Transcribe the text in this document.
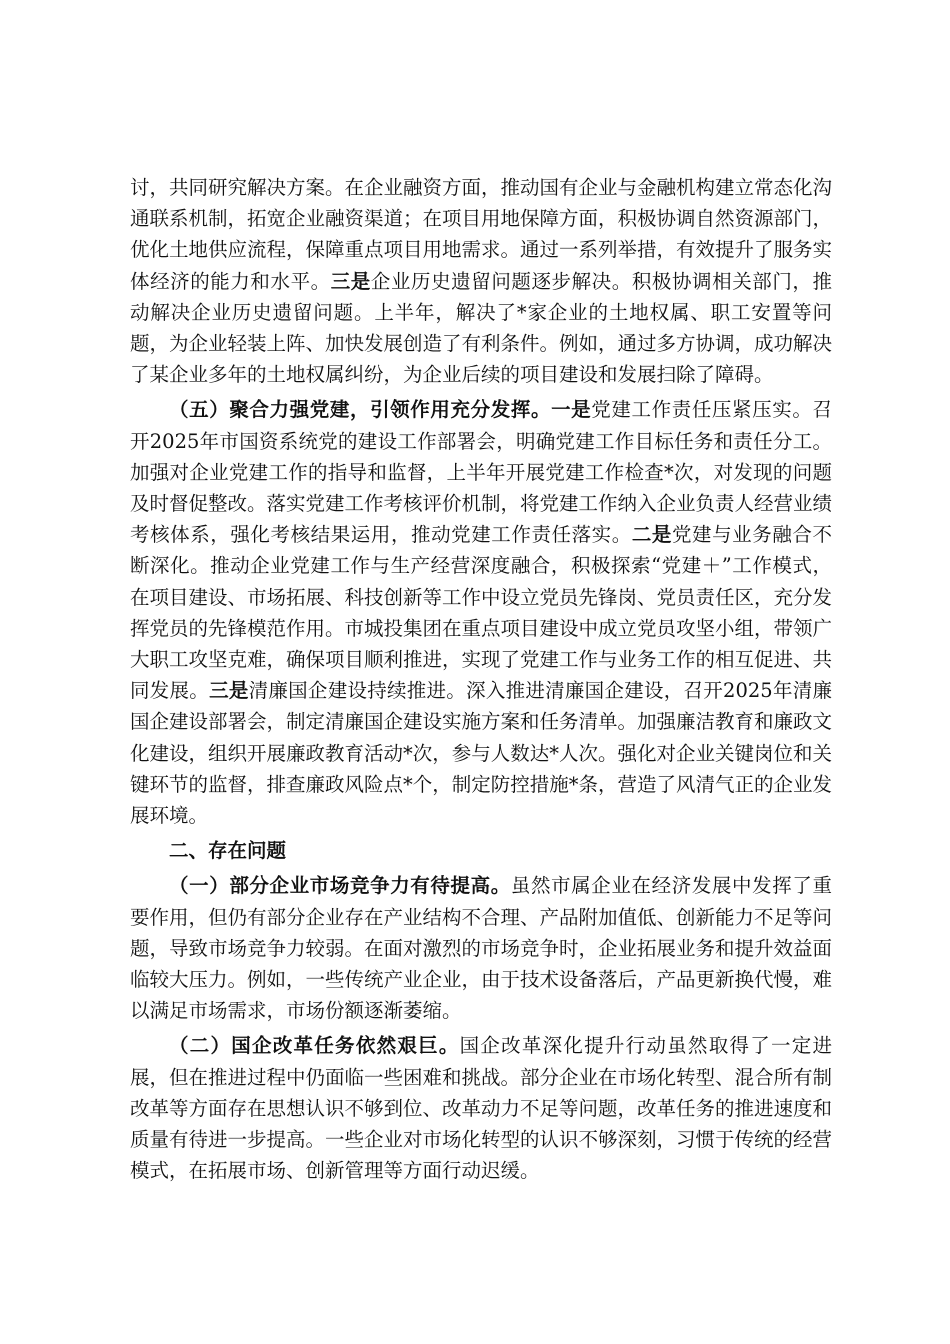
讨，共同研究解决方案。在企业融资方面，推动国有企业与金融机构建立常态化沟通联系机制，拓宽企业融资渠道；在项目用地保障方面，积极协调自然资源部门，优化土地供应流程，保障重点项目用地需求。通过一系列举措，有效提升了服务实体经济的能力和水平。三是企业历史遗留问题逐步解决。积极协调相关部门，推动解决企业历史遗留问题。上半年，解决了*家企业的土地权属、职工安置等问题，为企业轻装上阵、加快发展创造了有利条件。例如，通过多方协调，成功解决了某企业多年的土地权属纠纷，为企业后续的项目建设和发展扫除了障碍。

（五）聚合力强党建，引领作用充分发挥。一是党建工作责任压紧压实。召开2025年市国资系统党的建设工作部署会，明确党建工作目标任务和责任分工。加强对企业党建工作的指导和监督，上半年开展党建工作检查*次，对发现的问题及时督促整改。落实党建工作考核评价机制，将党建工作纳入企业负责人经营业绩考核体系，强化考核结果运用，推动党建工作责任落实。二是党建与业务融合不断深化。推动企业党建工作与生产经营深度融合，积极探索“党建＋”工作模式，在项目建设、市场拓展、科技创新等工作中设立党员先锋岗、党员责任区，充分发挥党员的先锋模范作用。市城投集团在重点项目建设中成立党员攻坚小组，带领广大职工攻坚克难，确保项目顺利推进，实现了党建工作与业务工作的相互促进、共同发展。三是清廉国企建设持续推进。深入推进清廉国企建设，召开2025年清廉国企建设部署会，制定清廉国企建设实施方案和任务清单。加强廉洁教育和廉政文化建设，组织开展廉政教育活动*次，参与人数达*人次。强化对企业关键岗位和关键环节的监督，排查廉政风险点*个，制定防控措施*条，营造了风清气正的企业发展环境。

二、存在问题

（一）部分企业市场竞争力有待提高。虽然市属企业在经济发展中发挥了重要作用，但仍有部分企业存在产业结构不合理、产品附加值低、创新能力不足等问题，导致市场竞争力较弱。在面对激烈的市场竞争时，企业拓展业务和提升效益面临较大压力。例如，一些传统产业企业，由于技术设备落后，产品更新换代慢，难以满足市场需求，市场份额逐渐萎缩。

（二）国企改革任务依然艰巨。国企改革深化提升行动虽然取得了一定进展，但在推进过程中仍面临一些困难和挑战。部分企业在市场化转型、混合所有制改革等方面存在思想认识不够到位、改革动力不足等问题，改革任务的推进速度和质量有待进一步提高。一些企业对市场化转型的认识不够深刻，习惯于传统的经营模式，在拓展市场、创新管理等方面行动迟缓。
